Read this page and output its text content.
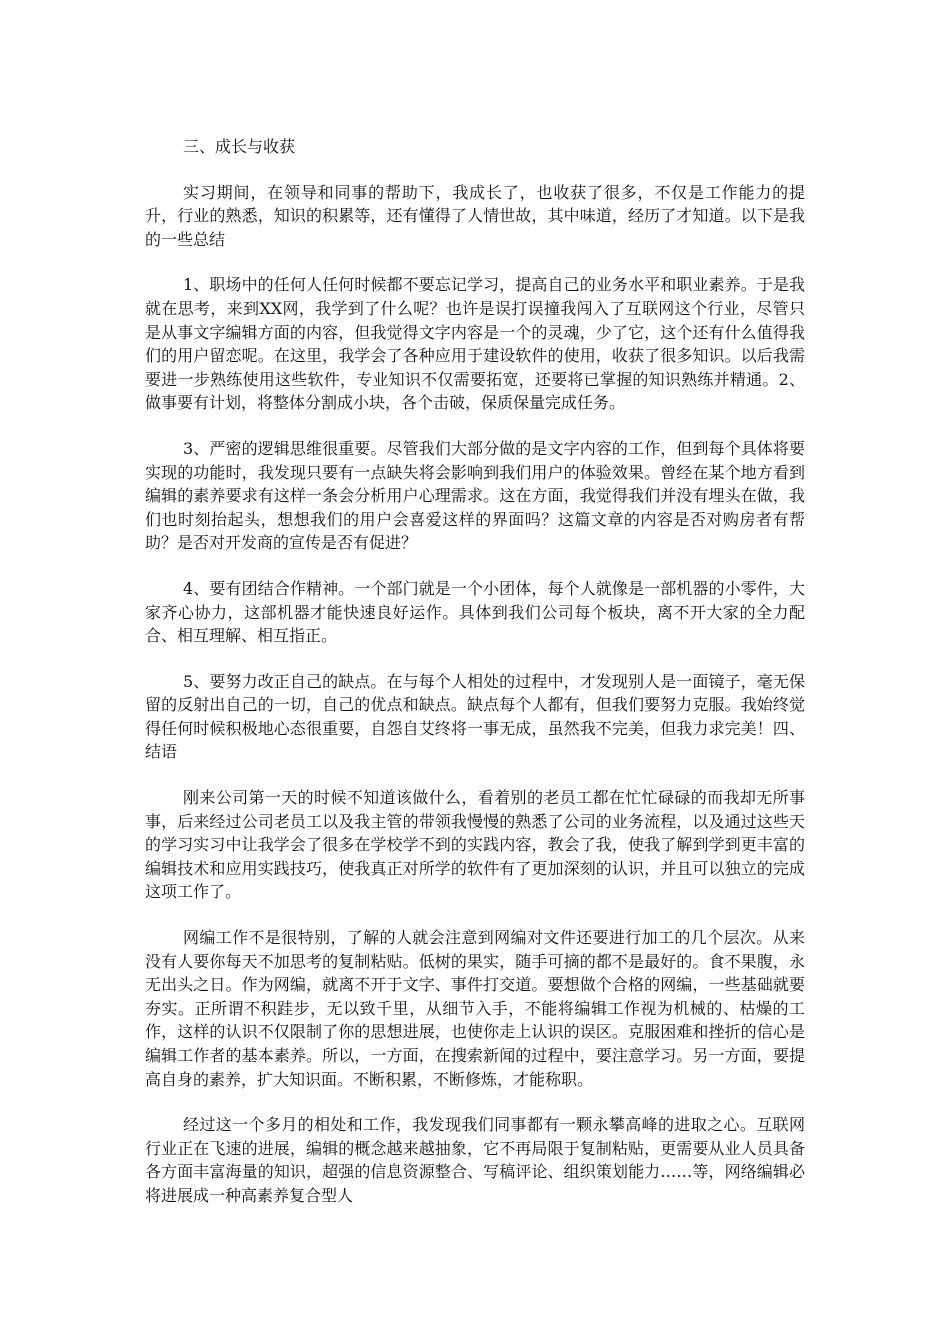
三、成长与收获

实习期间，在领导和同事的帮助下，我成长了，也收获了很多，不仅是工作能力的提升，行业的熟悉，知识的积累等，还有懂得了人情世故，其中味道，经历了才知道。以下是我的一些总结

1、职场中的任何人任何时候都不要忘记学习，提高自己的业务水平和职业素养。于是我就在思考，来到XX网，我学到了什么呢？也许是误打误撞我闯入了互联网这个行业，尽管只是从事文字编辑方面的内容，但我觉得文字内容是一个的灵魂，少了它，这个还有什么值得我们的用户留恋呢。在这里，我学会了各种应用于建设软件的使用，收获了很多知识。以后我需要进一步熟练使用这些软件，专业知识不仅需要拓宽，还要将已掌握的知识熟练并精通。2、做事要有计划，将整体分割成小块，各个击破，保质保量完成任务。

3、严密的逻辑思维很重要。尽管我们大部分做的是文字内容的工作，但到每个具体将要实现的功能时，我发现只要有一点缺失将会影响到我们用户的体验效果。曾经在某个地方看到编辑的素养要求有这样一条会分析用户心理需求。这在方面，我觉得我们并没有埋头在做，我们也时刻抬起头，想想我们的用户会喜爱这样的界面吗？这篇文章的内容是否对购房者有帮助？是否对开发商的宣传是否有促进？

4、要有团结合作精神。一个部门就是一个小团体，每个人就像是一部机器的小零件，大家齐心协力，这部机器才能快速良好运作。具体到我们公司每个板块，离不开大家的全力配合、相互理解、相互指正。

5、要努力改正自己的缺点。在与每个人相处的过程中，才发现别人是一面镜子，毫无保留的反射出自己的一切，自己的优点和缺点。缺点每个人都有，但我们要努力克服。我始终觉得任何时候积极地心态很重要，自怨自艾终将一事无成，虽然我不完美，但我力求完美！四、结语

刚来公司第一天的时候不知道该做什么，看着别的老员工都在忙忙碌碌的而我却无所事事，后来经过公司老员工以及我主管的带领我慢慢的熟悉了公司的业务流程，以及通过这些天的学习实习中让我学会了很多在学校学不到的实践内容，教会了我，使我了解到学到更丰富的编辑技术和应用实践技巧，使我真正对所学的软件有了更加深刻的认识，并且可以独立的完成这项工作了。

网编工作不是很特别，了解的人就会注意到网编对文件还要进行加工的几个层次。从来没有人要你每天不加思考的复制粘贴。低树的果实，随手可摘的都不是最好的。食不果腹，永无出头之日。作为网编，就离不开于文字、事件打交道。要想做个合格的网编，一些基础就要夯实。正所谓不积跬步，无以致千里，从细节入手，不能将编辑工作视为机械的、枯燥的工作，这样的认识不仅限制了你的思想进展，也使你走上认识的误区。克服困难和挫折的信心是编辑工作者的基本素养。所以，一方面，在搜索新闻的过程中，要注意学习。另一方面，要提高自身的素养，扩大知识面。不断积累，不断修炼，才能称职。

经过这一个多月的相处和工作，我发现我们同事都有一颗永攀高峰的进取之心。互联网行业正在飞速的进展，编辑的概念越来越抽象，它不再局限于复制粘贴，更需要从业人员具备各方面丰富海量的知识，超强的信息资源整合、写稿评论、组织策划能力……等，网络编辑必将进展成一种高素养复合型人
